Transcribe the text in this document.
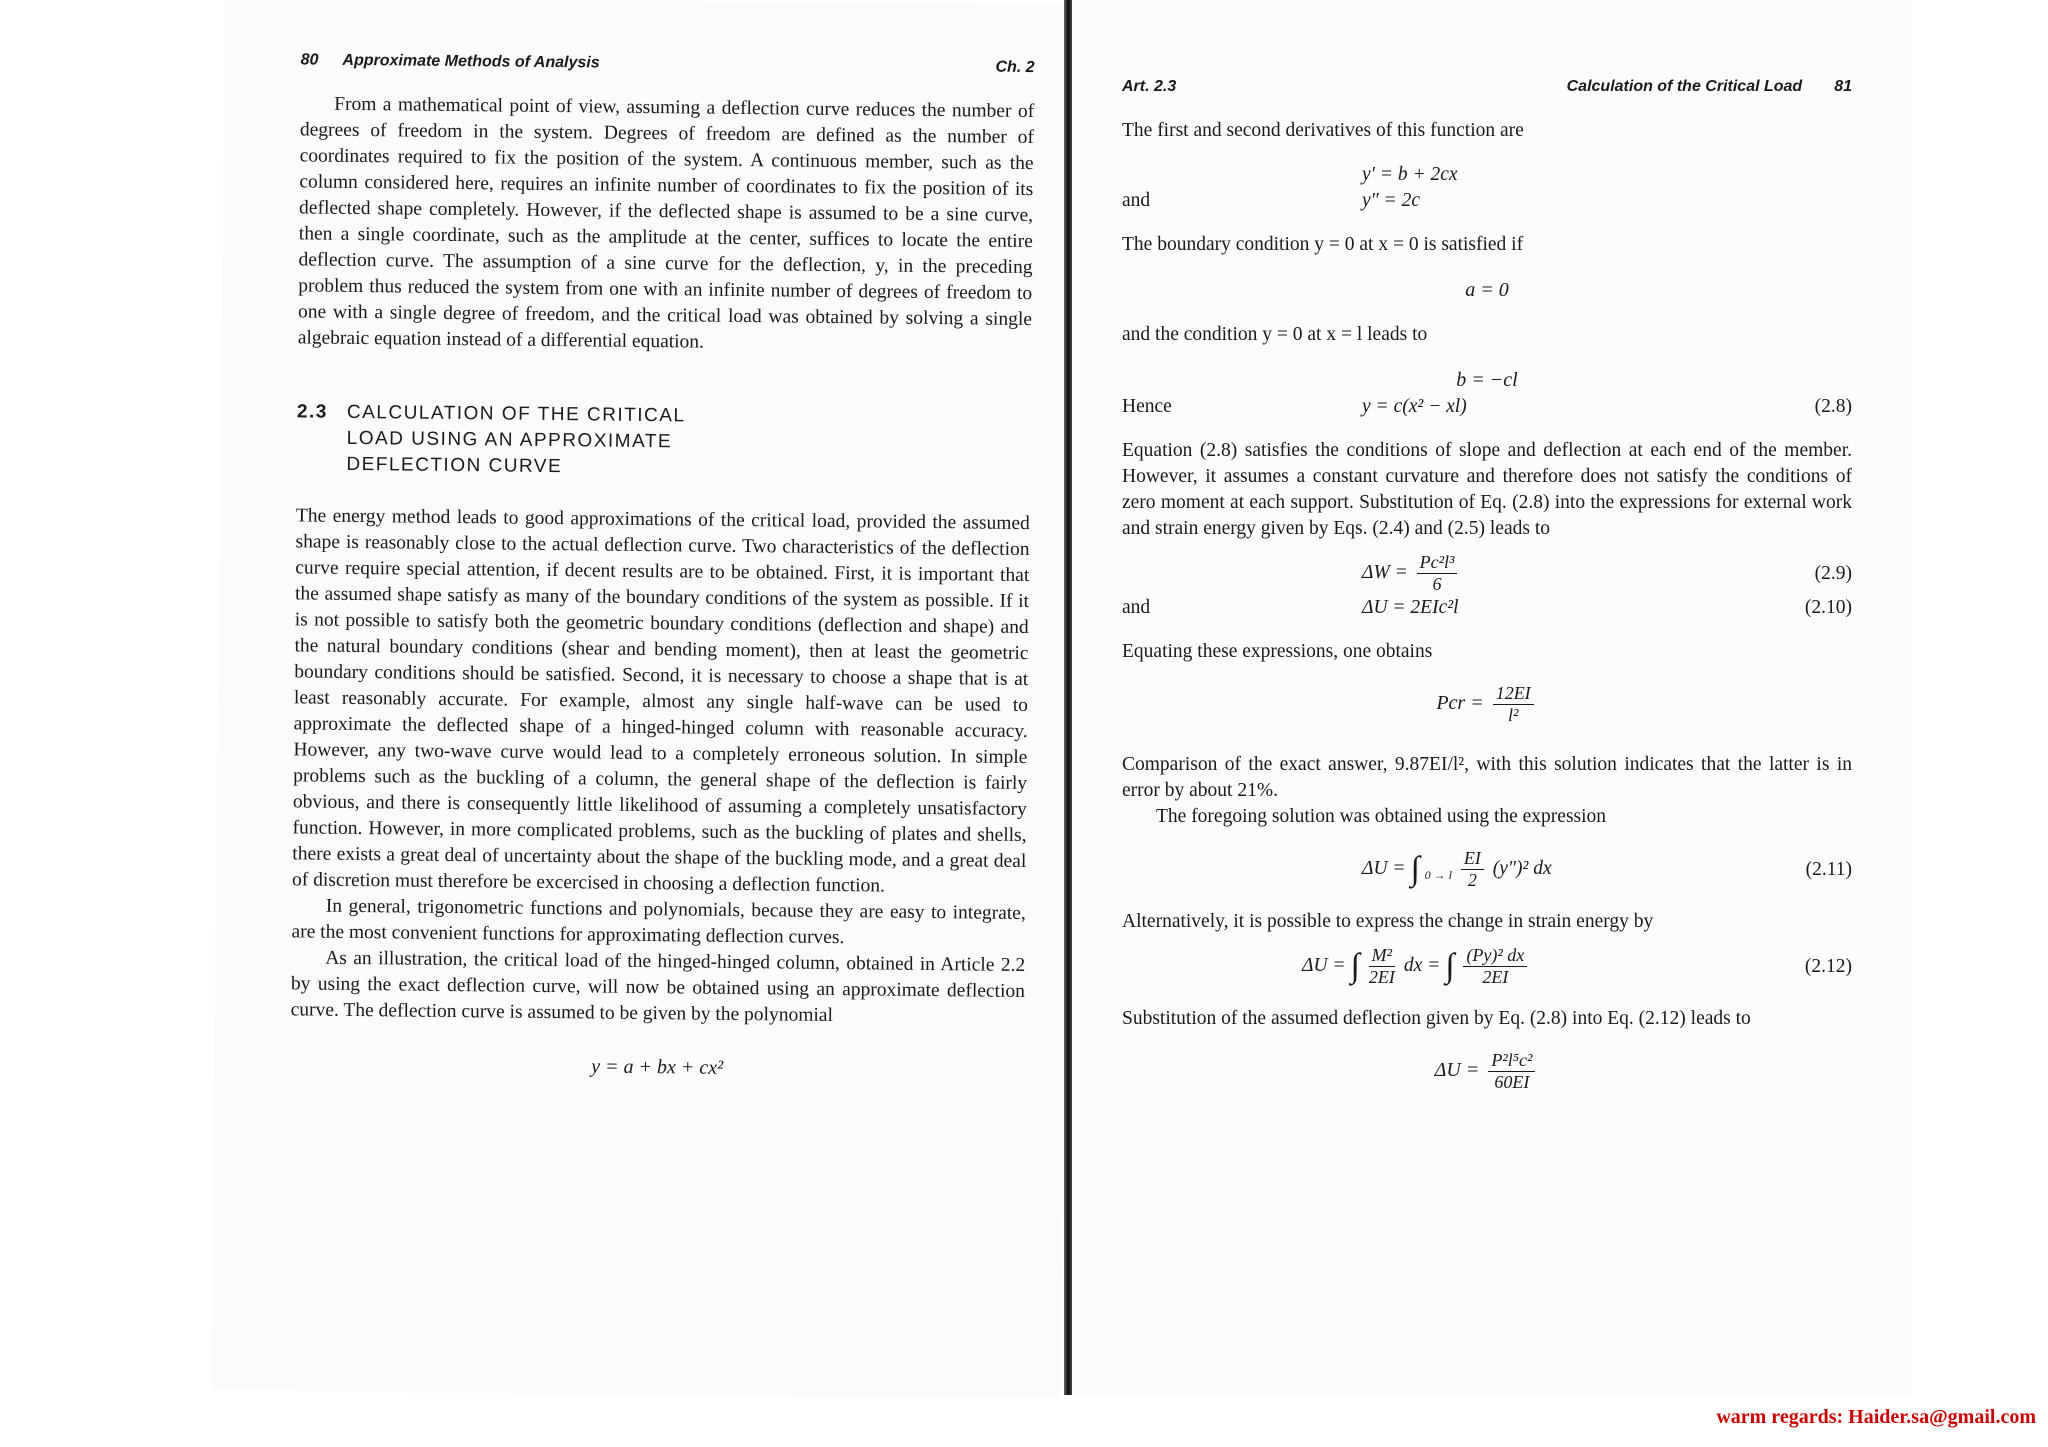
80 Approximate Methods of Analysis	Ch. 2

From a mathematical point of view, assuming a deflection curve reduces the number of degrees of freedom in the system. Degrees of freedom are defined as the number of coordinates required to fix the position of the system. A continuous member, such as the column considered here, requires an infinite number of coordinates to fix the position of its deflected shape completely. However, if the deflected shape is assumed to be a sine curve, then a single coordinate, such as the amplitude at the center, suffices to locate the entire deflection curve. The assumption of a sine curve for the deflection, y, in the preceding problem thus reduced the system from one with an infinite number of degrees of freedom to one with a single degree of freedom, and the critical load was obtained by solving a single algebraic equation instead of a differential equation.

2.3 CALCULATION OF THE CRITICAL
LOAD USING AN APPROXIMATE
DEFLECTION CURVE

The energy method leads to good approximations of the critical load, provided the assumed shape is reasonably close to the actual deflection curve. Two characteristics of the deflection curve require special attention, if decent results are to be obtained. First, it is important that the assumed shape satisfy as many of the boundary conditions of the system as possible. If it is not possible to satisfy both the geometric boundary conditions (deflection and shape) and the natural boundary conditions (shear and bending moment), then at least the geometric boundary conditions should be satisfied. Second, it is necessary to choose a shape that is at least reasonably accurate. For example, almost any single half-wave can be used to approximate the deflected shape of a hinged-hinged column with reasonable accuracy. However, any two-wave curve would lead to a completely erroneous solution. In simple problems such as the buckling of a column, the general shape of the deflection is fairly obvious, and there is consequently little likelihood of assuming a completely unsatisfactory function. However, in more complicated problems, such as the buckling of plates and shells, there exists a great deal of uncertainty about the shape of the buckling mode, and a great deal of discretion must therefore be excercised in choosing a deflection function.

In general, trigonometric functions and polynomials, because they are easy to integrate, are the most convenient functions for approximating deflection curves.

As an illustration, the critical load of the hinged-hinged column, obtained in Article 2.2 by using the exact deflection curve, will now be obtained using an approximate deflection curve. The deflection curve is assumed to be given by the polynomial

y = a + bx + cx²
Art. 2.3	Calculation of the Critical Load 81

The first and second derivatives of this function are

y′ = b + 2cx
and	y″ = 2c

The boundary condition y = 0 at x = 0 is satisfied if

a = 0

and the condition y = 0 at x = l leads to

b = −cl
Hence	y = c(x² − xl)	(2.8)

Equation (2.8) satisfies the conditions of slope and deflection at each end of the member. However, it assumes a constant curvature and therefore does not satisfy the conditions of zero moment at each support. Substitution of Eq. (2.8) into the expressions for external work and strain energy given by Eqs. (2.4) and (2.5) leads to

$\Delta W = \frac{\text{Pc²l³}}{6}$	(2.9)
and	ΔU = 2EIc²l	(2.10)

Equating these expressions, one obtains

Pcr = $\frac{12EI}{\text{l²}}$

Comparison of the exact answer, 9.87EI/l², with this solution indicates that the latter is in error by about 21%.

The foregoing solution was obtained using the expression

ΔU = ∫ $_{0 \to l} \frac{EI}{2} (y'')^2$ dx	(2.11)

Alternatively, it is possible to express the change in strain energy by

ΔU = ∫ $\frac{\text{M²}}{2EI}$ dx = ∫ $\frac{\text{(Py)² dx}}{2EI}$	(2.12)

Substitution of the assumed deflection given by Eq. (2.8) into Eq. (2.12) leads to

$\Delta U = \frac{\text{P²l⁵c²}}{60EI}$
warm regards: Haider.sa@gmail.com
